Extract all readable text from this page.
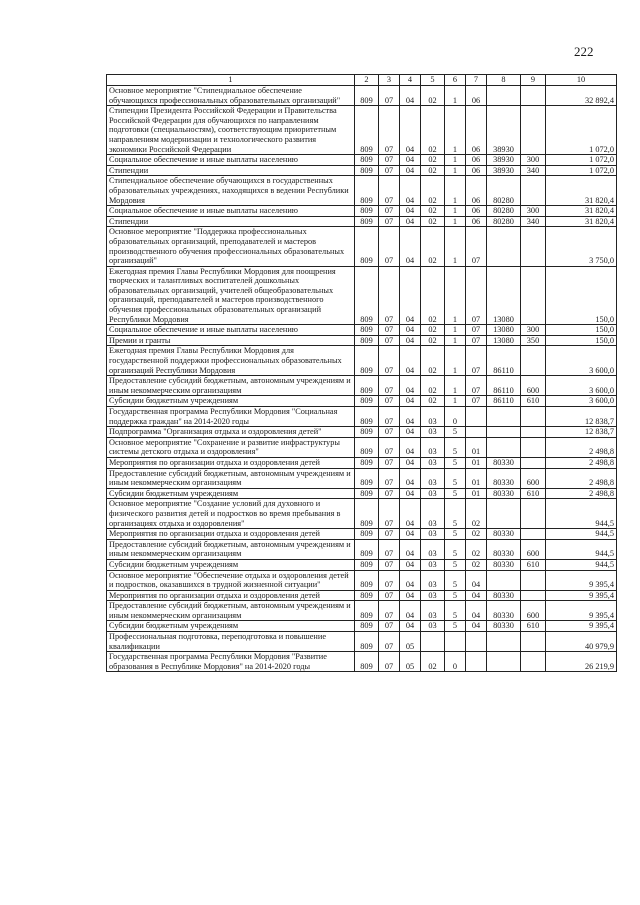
222
1	2	3	4	5	6	7	8	9	10
Основное мероприятие "Стипендиальное обеспечение обучающихся профессиональных образовательных организаций"	809	07	04	02	1	06			32 892,4
Стипендии Президента Российской Федерации и Правительства Российской Федерации для обучающихся по направлениям подготовки (специальностям), соответствующим приоритетным направлениям модернизации и технологического развития экономики Российской Федерации	809	07	04	02	1	06	38930		1 072,0
Социальное обеспечение и иные выплаты населению	809	07	04	02	1	06	38930	300	1 072,0
Стипендии	809	07	04	02	1	06	38930	340	1 072,0
Стипендиальное обеспечение обучающихся в государственных образовательных учреждениях, находящихся в ведении Республики Мордовия	809	07	04	02	1	06	80280		31 820,4
Социальное обеспечение и иные выплаты населению	809	07	04	02	1	06	80280	300	31 820,4
Стипендии	809	07	04	02	1	06	80280	340	31 820,4
Основное мероприятие "Поддержка профессиональных образовательных организаций, преподавателей и мастеров производственного обучения профессиональных образовательных организаций"	809	07	04	02	1	07			3 750,0
Ежегодная премия Главы Республики Мордовия для поощрения творческих и талантливых воспитателей дошкольных образовательных организаций, учителей общеобразовательных организаций, преподавателей и мастеров производственного обучения профессиональных образовательных организаций Республики Мордовия	809	07	04	02	1	07	13080		150,0
Социальное обеспечение и иные выплаты населению	809	07	04	02	1	07	13080	300	150,0
Премии и гранты	809	07	04	02	1	07	13080	350	150,0
Ежегодная премия Главы Республики Мордовия для государственной поддержки профессиональных образовательных организаций Республики Мордовия	809	07	04	02	1	07	86110		3 600,0
Предоставление субсидий бюджетным, автономным учреждениям и иным некоммерческим организациям	809	07	04	02	1	07	86110	600	3 600,0
Субсидии бюджетным учреждениям	809	07	04	02	1	07	86110	610	3 600,0
Государственная программа Республики Мордовия "Социальная поддержка граждан" на 2014-2020 годы	809	07	04	03	0				12 838,7
Подпрограмма "Организация отдыха и оздоровления детей"	809	07	04	03	5				12 838,7
Основное мероприятие "Сохранение и развитие инфраструктуры системы детского отдыха и оздоровления"	809	07	04	03	5	01			2 498,8
Мероприятия по организации отдыха и оздоровления детей	809	07	04	03	5	01	80330		2 498,8
Предоставление субсидий бюджетным, автономным учреждениям и иным некоммерческим организациям	809	07	04	03	5	01	80330	600	2 498,8
Субсидии бюджетным учреждениям	809	07	04	03	5	01	80330	610	2 498,8
Основное мероприятие "Создание условий для духовного и физического развития детей и подростков во время пребывания в организациях отдыха и оздоровления"	809	07	04	03	5	02			944,5
Мероприятия по организации отдыха и оздоровления детей	809	07	04	03	5	02	80330		944,5
Предоставление субсидий бюджетным, автономным учреждениям и иным некоммерческим организациям	809	07	04	03	5	02	80330	600	944,5
Субсидии бюджетным учреждениям	809	07	04	03	5	02	80330	610	944,5
Основное мероприятие "Обеспечение отдыха и оздоровления детей и подростков, оказавшихся в трудной жизненной ситуации"	809	07	04	03	5	04			9 395,4
Мероприятия по организации отдыха и оздоровления детей	809	07	04	03	5	04	80330		9 395,4
Предоставление субсидий бюджетным, автономным учреждениям и иным некоммерческим организациям	809	07	04	03	5	04	80330	600	9 395,4
Субсидии бюджетным учреждениям	809	07	04	03	5	04	80330	610	9 395,4
Профессиональная подготовка, переподготовка и повышение квалификации	809	07	05						40 979,9
Государственная программа Республики Мордовия "Развитие образования в Республике Мордовия" на 2014-2020 годы	809	07	05	02	0				26 219,9
